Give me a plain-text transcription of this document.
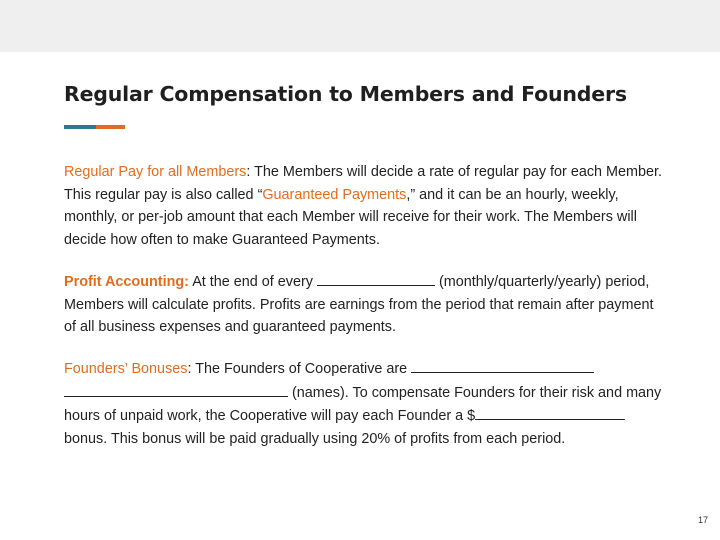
Regular Compensation to Members and Founders

Regular Pay for all Members: The Members will decide a rate of regular pay for each Member. This regular pay is also called “Guaranteed Payments,” and it can be an hourly, weekly, monthly, or per-job amount that each Member will receive for their work. The Members will decide how often to make Guaranteed Payments.

Profit Accounting: At the end of every	(monthly/quarterly/yearly) period, Members will calculate profits. Profits are earnings from the period that remain after payment of all business expenses and guaranteed payments.

Founders’ Bonuses: The Founders of Cooperative are   (names). To compensate Founders for their risk and many hours of unpaid work, the Cooperative will pay each Founder a $ bonus. This bonus will be paid gradually using 20% of profits from each period.

17
